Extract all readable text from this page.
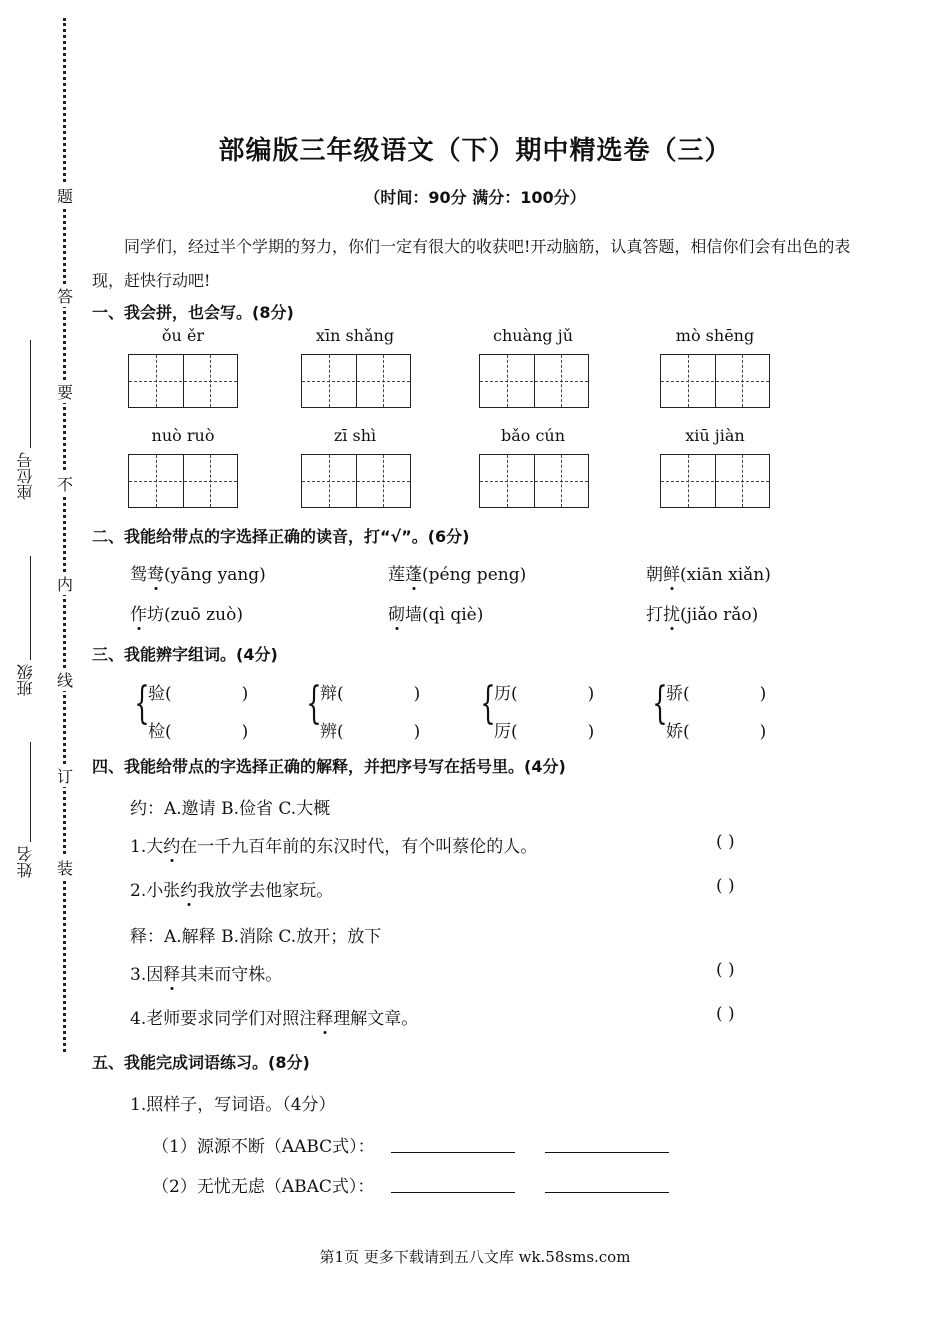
题
答
要
不
内
线
订
装
座位号
班级
姓名
部编版三年级语文（下）期中精选卷（三）
（时间：90分 满分：100分）
同学们，经过半个学期的努力，你们一定有很大的收获吧!开动脑筋，认真答题，相信你们会有出色的表现，赶快行动吧!
一、我会拼，也会写。(8分)
ǒu ěr	xīn shǎng	chuàng jǔ	mò shēng
nuò ruò	zī shì	bǎo cún	xiū jiàn
二、我能给带点的字选择正确的读音，打“√”。(6分)
鸳鸯(yāng yang)	莲蓬(péng peng)	朝鲜(xiān xiǎn)
作坊(zuō zuò)	砌墙(qì qiè)	打扰(jiǎo rǎo)
三、我能辨字组词。(4分)
{
验(	)
检(	)
{
辩(	)
辨(	)
{
历(	)
厉(	)
{
骄(	)
娇(	)
四、我能给带点的字选择正确的解释，并把序号写在括号里。(4分)
约：A.邀请 B.俭省 C.大概
1.大约在一千九百年前的东汉时代，有个叫蔡伦的人。	( )
2.小张约我放学去他家玩。	( )
释：A.解释 B.消除 C.放开；放下
3.因释其耒而守株。	( )
4.老师要求同学们对照注释理解文章。	( )
五、我能完成词语练习。(8分)
1.照样子，写词语。（4分）
（1）源源不断（AABC式）：
（2）无忧无虑（ABAC式）：
第1页 更多下载请到五八文库 wk.58sms.com
